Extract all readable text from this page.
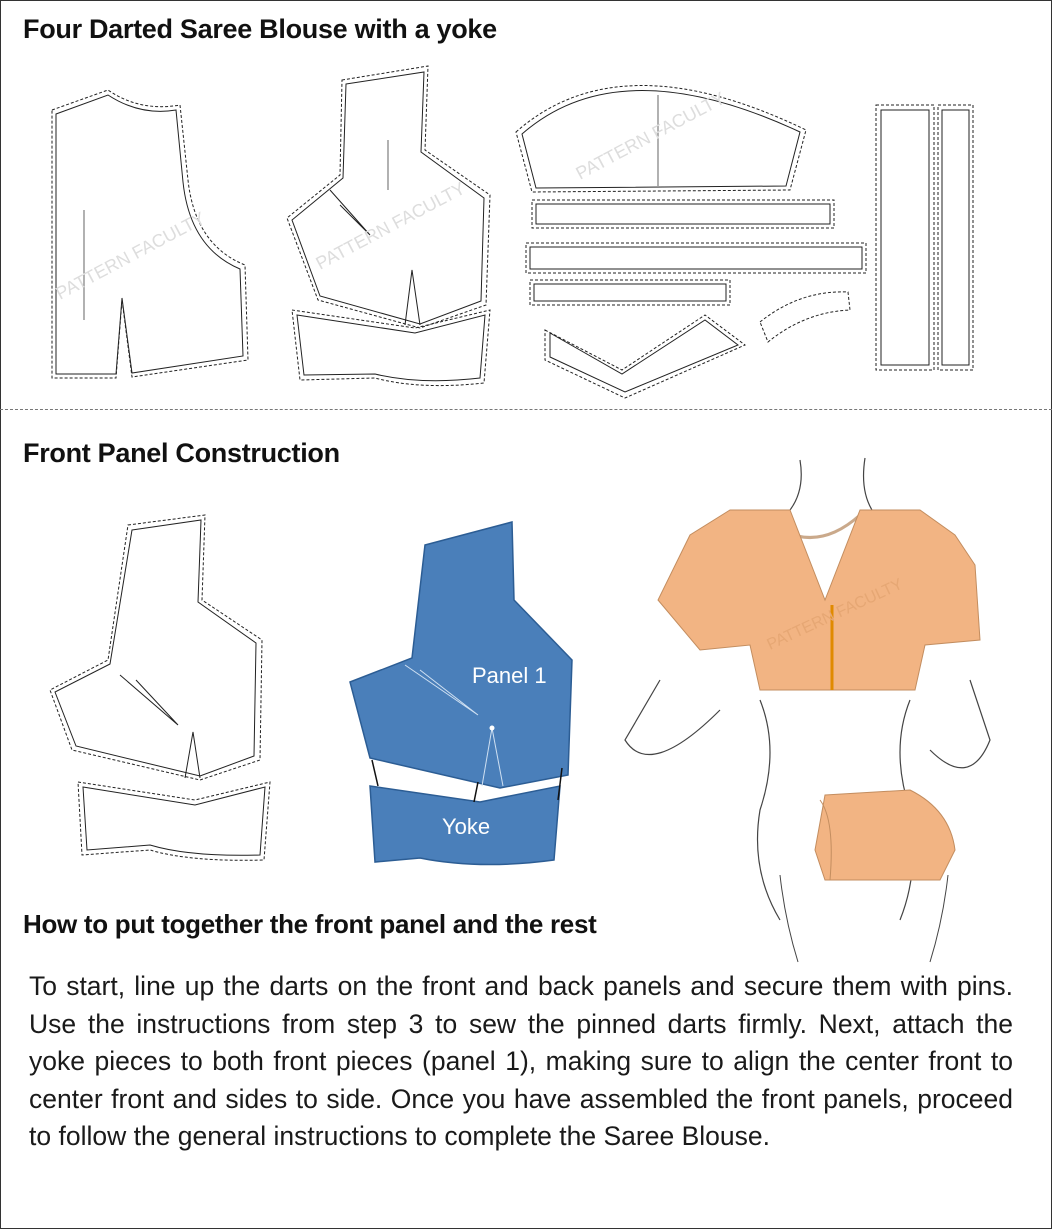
Four Darted Saree Blouse with a yoke
PATTERN FACULTY	PATTERN FACULTY
PATTERN FACULTY
Front Panel Construction
Panel 1
Yoke
PATTERN FACULTY
How to put together the front panel and the rest

To start, line up the darts on the front and back panels and secure them with pins. Use the instructions from step 3 to sew the pinned darts firmly. Next, attach the yoke pieces to both front pieces (panel 1), making sure to align the center front to center front and sides to side. Once you have assembled the front panels, proceed to follow the general instructions to complete the Saree Blouse.
